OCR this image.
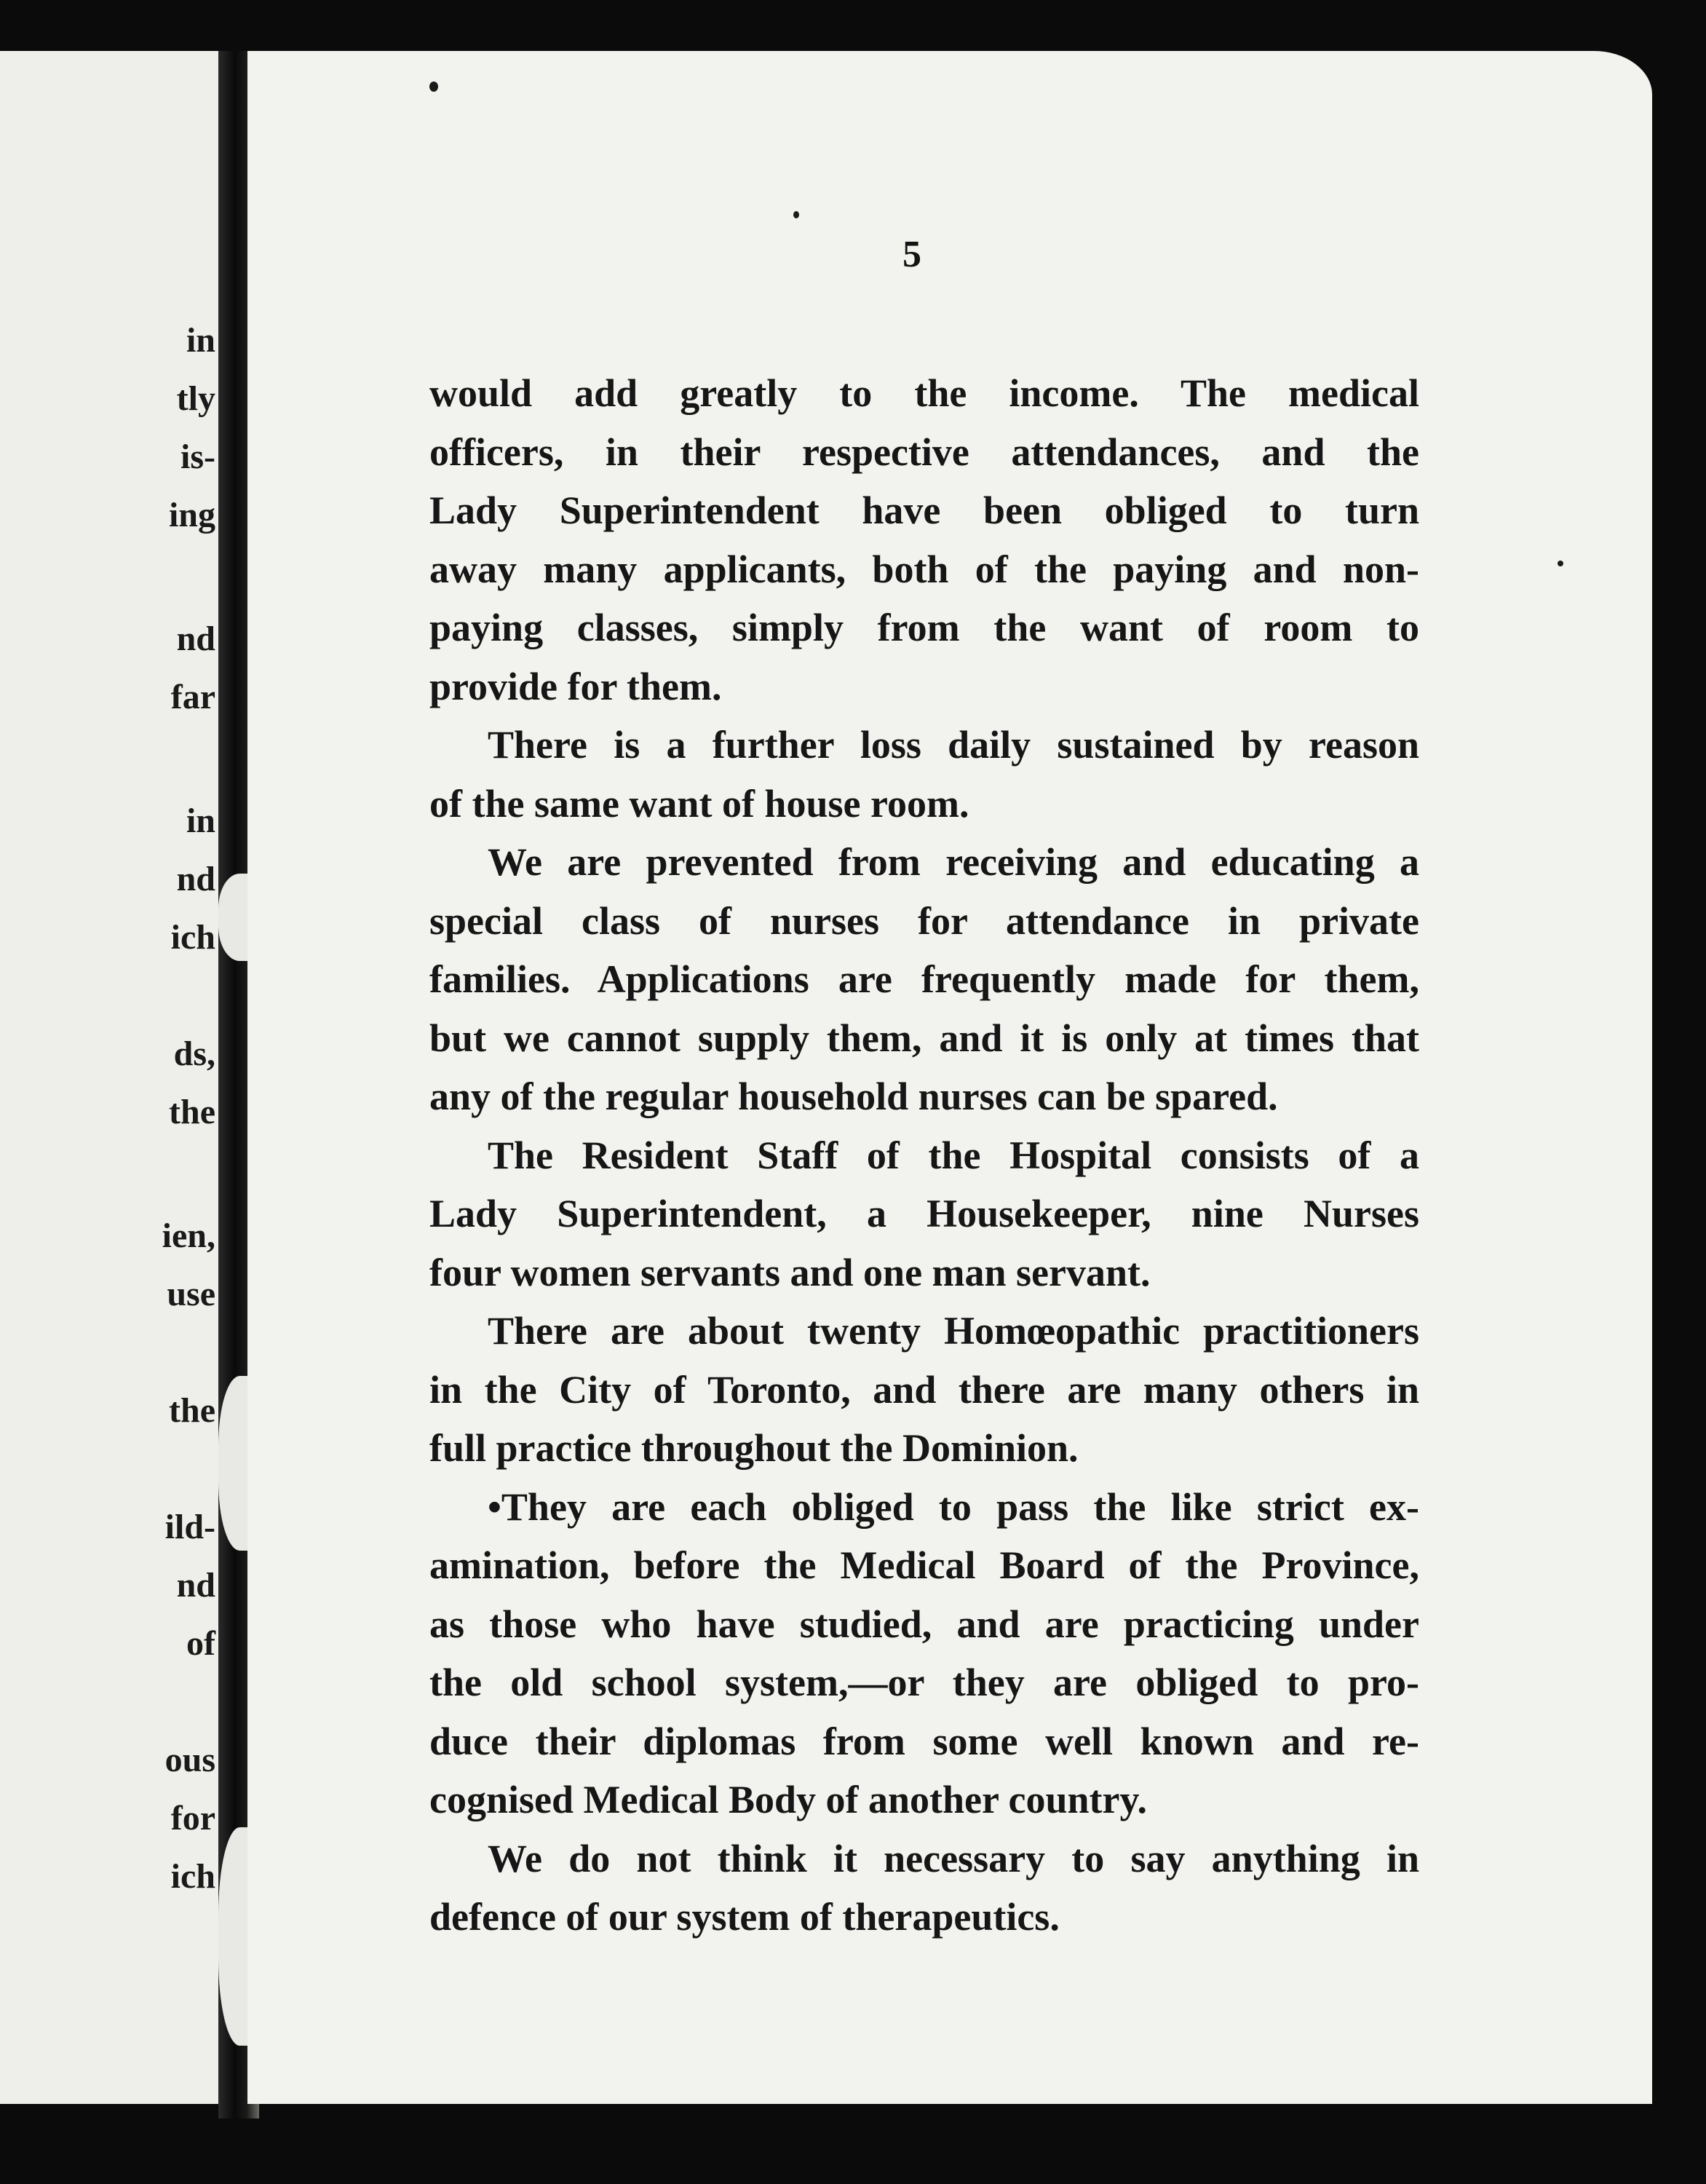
in
tly
is-
ing
nd
far
in
nd
ich
ds,
the
ien,
use
the
ild-
nd
of
ous
for
ich
5
would add greatly to the income. The medical
officers, in their respective attendances, and the
Lady Superintendent have been obliged to turn
away many applicants, both of the paying and non-
paying classes, simply from the want of room to
provide for them.
There is a further loss daily sustained by reason
of the same want of house room.
We are prevented from receiving and educating a
special class of nurses for attendance in private
families. Applications are frequently made for them,
but we cannot supply them, and it is only at times that
any of the regular household nurses can be spared.
The Resident Staff of the Hospital consists of a
Lady Superintendent, a Housekeeper, nine Nurses
four women servants and one man servant.
There are about twenty Homœopathic practitioners
in the City of Toronto, and there are many others in
full practice throughout the Dominion.
•They are each obliged to pass the like strict ex-
amination, before the Medical Board of the Province,
as those who have studied, and are practicing under
the old school system,—or they are obliged to pro-
duce their diplomas from some well known and re-
cognised Medical Body of another country.
We do not think it necessary to say anything in
defence of our system of therapeutics.
